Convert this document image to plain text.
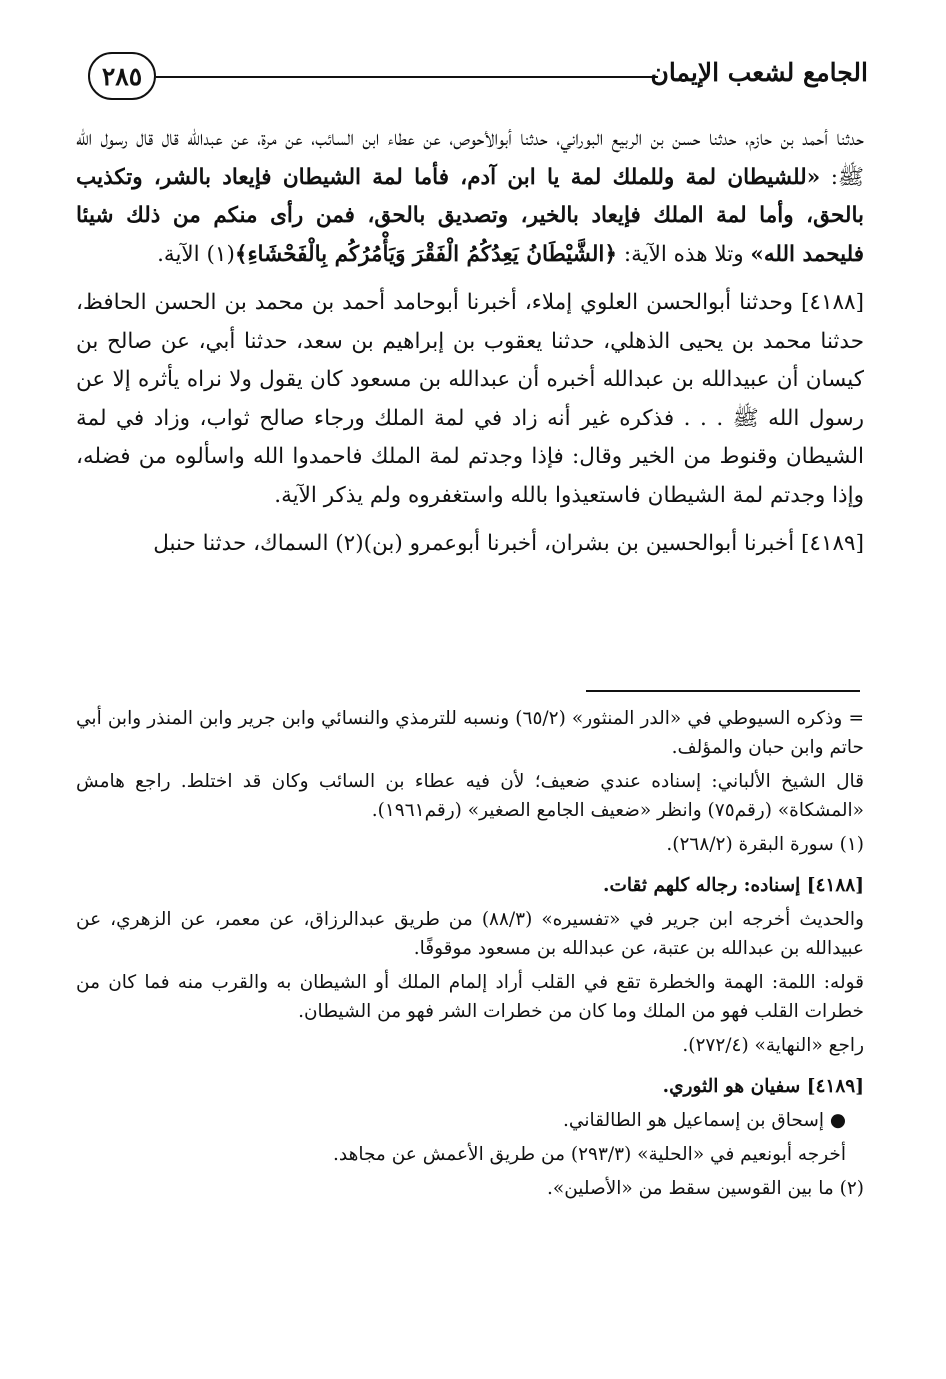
الجامع لشعب الإيمان
٢٨٥

حدثنا أحمد بن حازم، حدثنا حسن بن الربيع البوراني، حدثنا أبوالأحوص، عن عطاء ابن السائب، عن مرة، عن عبدالله قال قال رسول الله ﷺ: «للشيطان لمة وللملك لمة يا ابن آدم، فأما لمة الشيطان فإيعاد بالشر، وتكذيب بالحق، وأما لمة الملك فإيعاد بالخير، وتصديق بالحق، فمن رأى منكم من ذلك شيئا فليحمد الله» وتلا هذه الآية: ﴿الشَّيْطَانُ يَعِدُكُمُ الْفَقْرَ وَيَأْمُرُكُم بِالْفَحْشَاءِ﴾(١) الآية.

[٤١٨٨] وحدثنا أبوالحسن العلوي إملاء، أخبرنا أبوحامد أحمد بن محمد بن الحسن الحافظ، حدثنا محمد بن يحيى الذهلي، حدثنا يعقوب بن إبراهيم بن سعد، حدثنا أبي، عن صالح بن كيسان أن عبيدالله بن عبدالله أخبره أن عبدالله بن مسعود كان يقول ولا نراه يأثره إلا عن رسول الله ﷺ . . . فذكره غير أنه زاد في لمة الملك ورجاء صالح ثواب، وزاد في لمة الشيطان وقنوط من الخير وقال: فإذا وجدتم لمة الملك فاحمدوا الله واسألوه من فضله، وإذا وجدتم لمة الشيطان فاستعيذوا بالله واستغفروه ولم يذكر الآية.

[٤١٨٩] أخبرنا أبوالحسين بن بشران، أخبرنا أبوعمرو (بن)(٢) السماك، حدثنا حنبل

= وذكره السيوطي في «الدر المنثور» (٦٥/٢) ونسبه للترمذي والنسائي وابن جرير وابن المنذر وابن أبي حاتم وابن حبان والمؤلف.

قال الشيخ الألباني: إسناده عندي ضعيف؛ لأن فيه عطاء بن السائب وكان قد اختلط. راجع هامش «المشكاة» (رقم٧٥) وانظر «ضعيف الجامع الصغير» (رقم١٩٦١).

(١) سورة البقرة (٢٦٨/٢).

[٤١٨٨] إسناده: رجاله كلهم ثقات.

والحديث أخرجه ابن جرير في «تفسيره» (٨٨/٣) من طريق عبدالرزاق، عن معمر، عن الزهري، عن عبيدالله بن عبدالله بن عتبة، عن عبدالله بن مسعود موقوفًا.

قوله: اللمة: الهمة والخطرة تقع في القلب أراد إلمام الملك أو الشيطان به والقرب منه فما كان من خطرات القلب فهو من الملك وما كان من خطرات الشر فهو من الشيطان.

راجع «النهاية» (٢٧٢/٤).

[٤١٨٩] سفيان هو الثوري.

● إسحاق بن إسماعيل هو الطالقاني.

أخرجه أبونعيم في «الحلية» (٢٩٣/٣) من طريق الأعمش عن مجاهد.

(٢) ما بين القوسين سقط من «الأصلين».
